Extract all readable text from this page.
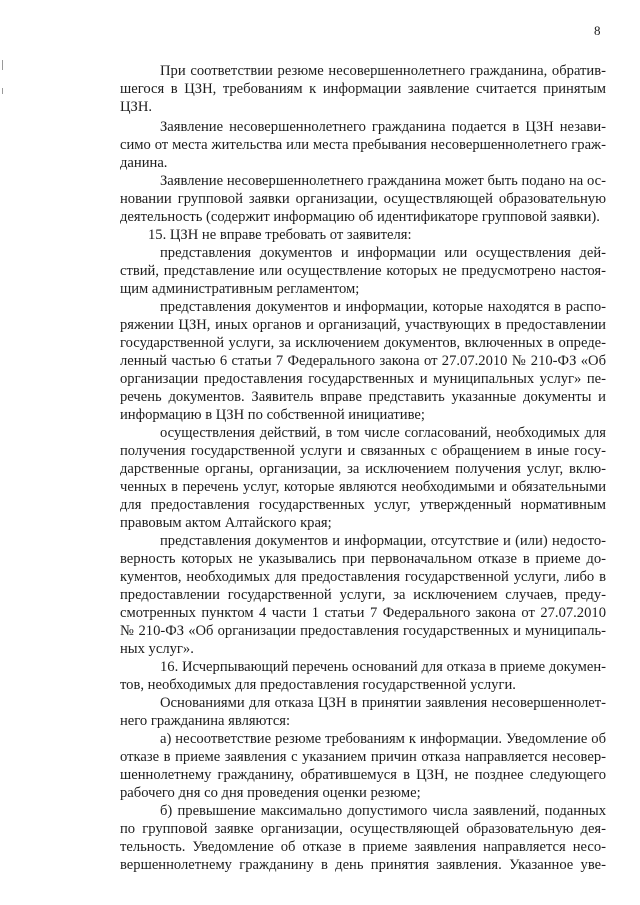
8
При соответствии резюме несовершеннолетнего гражданина, обратив-
шегося в ЦЗН, требованиям к информации заявление считается принятым
ЦЗН.
Заявление несовершеннолетнего гражданина подается в ЦЗН незави-
симо от места жительства или места пребывания несовершеннолетнего граж-
данина.
Заявление несовершеннолетнего гражданина может быть подано на ос-
новании групповой заявки организации, осуществляющей образовательную
деятельность (содержит информацию об идентификаторе групповой заявки).
15. ЦЗН не вправе требовать от заявителя:
представления документов и информации или осуществления дей-
ствий, представление или осуществление которых не предусмотрено настоя-
щим административным регламентом;
представления документов и информации, которые находятся в распо-
ряжении ЦЗН, иных органов и организаций, участвующих в предоставлении
государственной услуги, за исключением документов, включенных в опреде-
ленный частью 6 статьи 7 Федерального закона от 27.07.2010 № 210-ФЗ «Об
организации предоставления государственных и муниципальных услуг» пе-
речень документов. Заявитель вправе представить указанные документы и
информацию в ЦЗН по собственной инициативе;
осуществления действий, в том числе согласований, необходимых для
получения государственной услуги и связанных с обращением в иные госу-
дарственные органы, организации, за исключением получения услуг, вклю-
ченных в перечень услуг, которые являются необходимыми и обязательными
для предоставления государственных услуг, утвержденный нормативным
правовым актом Алтайского края;
представления документов и информации, отсутствие и (или) недосто-
верность которых не указывались при первоначальном отказе в приеме до-
кументов, необходимых для предоставления государственной услуги, либо в
предоставлении государственной услуги, за исключением случаев, преду-
смотренных пунктом 4 части 1 статьи 7 Федерального закона от 27.07.2010
№ 210-ФЗ «Об организации предоставления государственных и муниципаль-
ных услуг».
16. Исчерпывающий перечень оснований для отказа в приеме докумен-
тов, необходимых для предоставления государственной услуги.
Основаниями для отказа ЦЗН в принятии заявления несовершеннолет-
него гражданина являются:
а) несоответствие резюме требованиям к информации. Уведомление об
отказе в приеме заявления с указанием причин отказа направляется несовер-
шеннолетнему гражданину, обратившемуся в ЦЗН, не позднее следующего
рабочего дня со дня проведения оценки резюме;
б) превышение максимально допустимого числа заявлений, поданных
по групповой заявке организации, осуществляющей образовательную дея-
тельность. Уведомление об отказе в приеме заявления направляется несо-
вершеннолетнему гражданину в день принятия заявления. Указанное уве-
